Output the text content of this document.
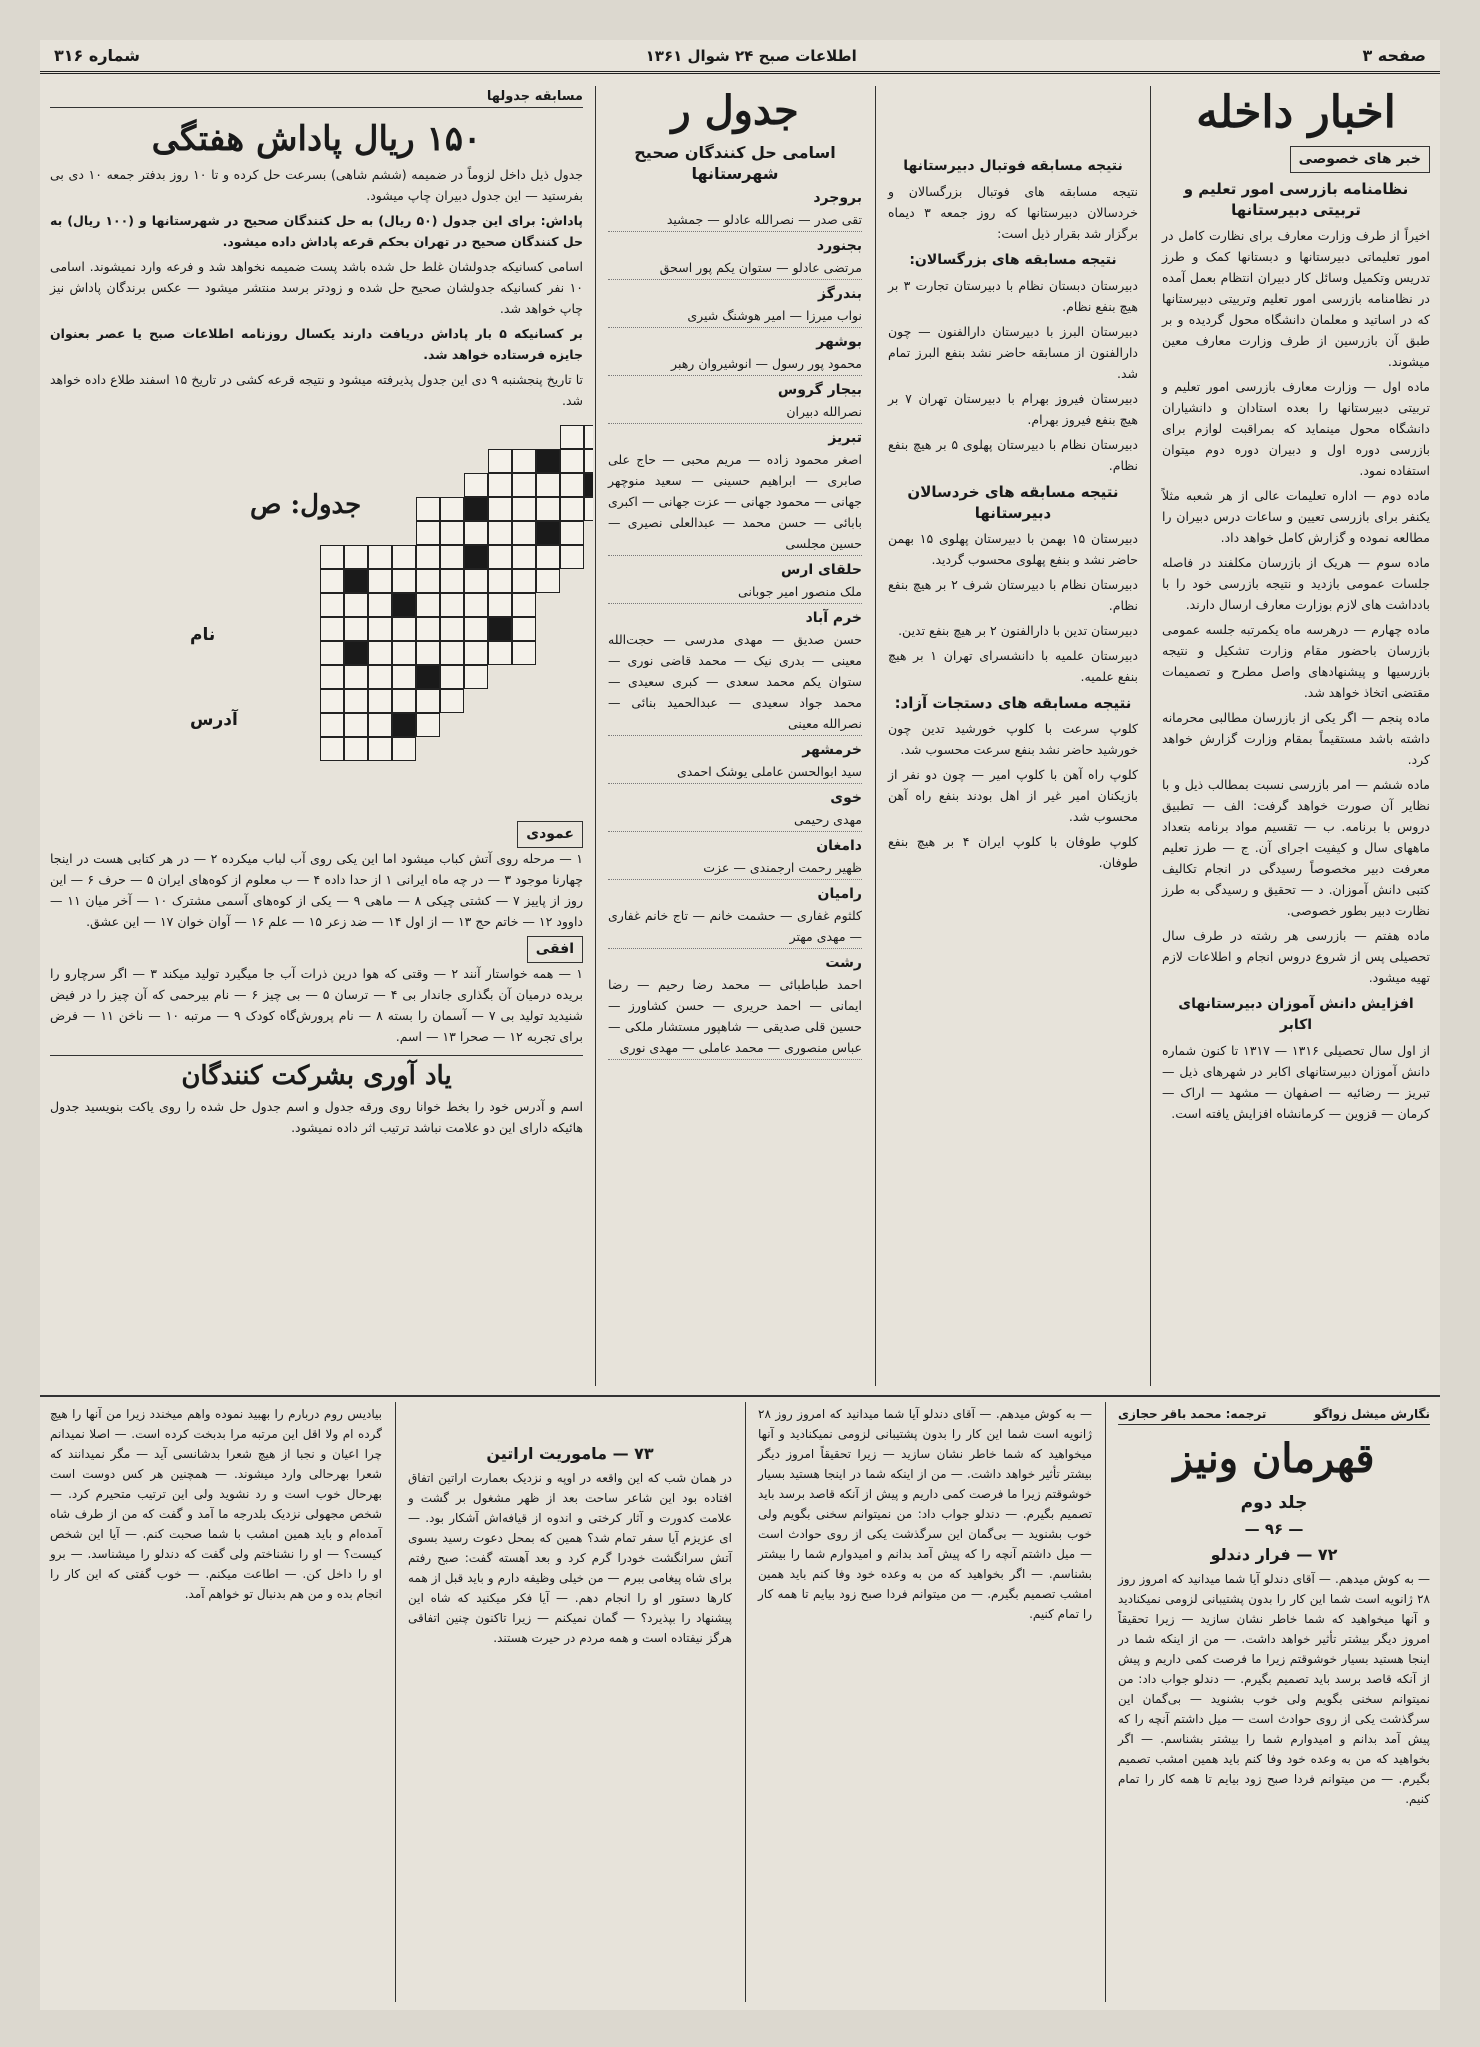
صفحه ۳
اطلاعات صبح ۲۴ شوال ۱۳۶۱
شماره ۳۱۶
اخبار داخله
خبر های خصوصی
نظامنامه بازرسی امور تعلیم و تربیتی دبیرستانها

اخیراً از طرف وزارت معارف برای نظارت کامل در امور تعلیماتی دبیرستانها و دبستانها کمک و طرز تدریس وتکمیل وسائل کار دبیران انتظام بعمل آمده در نظامنامه بازرسی امور تعلیم وتربیتی دبیرستانها که در اساتید و معلمان دانشگاه محول گردیده و بر طبق آن بازرسین از طرف وزارت معارف معین میشوند.

ماده اول — وزارت معارف بازرسی امور تعلیم و تربیتی دبیرستانها را بعده استادان و دانشیاران دانشگاه محول مینماید که بمراقبت لوازم برای بازرسی دوره اول و دبیران دوره دوم میتوان استفاده نمود.

ماده دوم — اداره تعلیمات عالی از هر شعبه مثلاً یکنفر برای بازرسی تعیین و ساعات درس دبیران را مطالعه نموده و گزارش کامل خواهد داد.

ماده سوم — هریک از بازرسان مکلفند در فاصله جلسات عمومی بازدید و نتیجه بازرسی خود را با بادداشت های لازم بوزارت معارف ارسال دارند.

ماده چهارم — درهرسه ماه یکمرتبه جلسه عمومی بازرسان باحضور مقام وزارت تشکیل و نتیجه بازرسیها و پیشنهادهای واصل مطرح و تصمیمات مقتضی اتخاذ خواهد شد.

ماده پنجم — اگر یکی از بازرسان مطالبی محرمانه داشته باشد مستقیماً بمقام وزارت گزارش خواهد کرد.

ماده ششم — امر بازرسی نسبت بمطالب ذیل و با نظایر آن صورت خواهد گرفت: الف — تطبیق دروس با برنامه. ب — تقسیم مواد برنامه بتعداد ماههای سال و کیفیت اجرای آن. ج — طرز تعلیم معرفت دبیر مخصوصاً رسیدگی در انجام تکالیف کتبی دانش آموزان. د — تحقیق و رسیدگی به طرز نظارت دبیر بطور خصوصی.

ماده هفتم — بازرسی هر رشته در طرف سال تحصیلی پس از شروع دروس انجام و اطلاعات لازم تهیه میشود.

افزایش دانش آموزان دبیرستانهای اکابر

از اول سال تحصیلی ۱۳۱۶ — ۱۳۱۷ تا کنون شماره دانش آموزان دبیرستانهای اکابر در شهرهای ذیل — تبریز — رضائیه — اصفهان — مشهد — اراک — کرمان — قزوین — کرمانشاه افزایش یافته است.

نتیجه مسابقه فوتبال دبیرستانها

نتیجه مسابقه های فوتبال بزرگسالان و خردسالان دبیرستانها که روز جمعه ۳ دیماه برگزار شد بقرار ذیل است:

نتیجه مسابقه های بزرگسالان:

دبیرستان دبستان نظام با دبیرستان تجارت ۳ بر هیچ بنفع نظام.

دبیرستان البرز با دبیرستان دارالفنون — چون دارالفنون از مسابقه حاضر نشد بنفع البرز تمام شد.

دبیرستان فیروز بهرام با دبیرستان تهران ۷ بر هیچ بنفع فیروز بهرام.

دبیرستان نظام با دبیرستان پهلوی ۵ بر هیچ بنفع نظام.

نتیجه مسابقه های خردسالان دبیرستانها

دبیرستان ۱۵ بهمن با دبیرستان پهلوی ۱۵ بهمن حاضر نشد و بنفع پهلوی محسوب گردید.

دبیرستان نظام با دبیرستان شرف ۲ بر هیچ بنفع نظام.

دبیرستان تدین با دارالفنون ۲ بر هیچ بنفع تدین.

دبیرستان علمیه با دانشسرای تهران ۱ بر هیچ بنفع علمیه.

نتیجه مسابقه های دستجات آزاد:

کلوپ سرعت با کلوپ خورشید تدین چون خورشید حاضر نشد بنفع سرعت محسوب شد.

کلوپ راه آهن با کلوپ امیر — چون دو نفر از بازیکنان امیر غیر از اهل بودند بنفع راه آهن محسوب شد.

کلوپ طوفان با کلوپ ایران ۴ بر هیچ بنفع طوفان.

جدول ر
اسامی حل کنندگان صحیح شهرستانها
بروجرد

تقی صدر — نصرالله عادلو — جمشید

بجنورد

مرتضی عادلو — ستوان یکم پور اسحق

بندرگز

نواب میرزا — امیر هوشنگ شیری

بوشهر

محمود پور رسول — انوشیروان رهبر

بیجار گروس

نصرالله دبیران

تبریز

اصغر محمود زاده — مریم محبی — حاج علی صابری — ابراهیم حسینی — سعید منوچهر جهانی — محمود جهانی — عزت جهانی — اکبری بابائی — حسن محمد — عبدالعلی نصیری — حسین مجلسی

حلقای ارس

ملک منصور امیر جوبانی

خرم آباد

حسن صدیق — مهدی مدرسی — حجت‌الله معینی — بدری نیک — محمد قاضی نوری — ستوان یکم محمد سعدی — کبری سعیدی — محمد جواد سعیدی — عبدالحمید بنائی — نصرالله معینی

خرمشهر

سید ابوالحسن عاملی یوشک احمدی

خوی

مهدی رحیمی

دامغان

ظهیر رحمت ارجمندی — عزت

رامیان

کلثوم غفاری — حشمت خانم — تاج خانم غفاری — مهدی مهتر

رشت

احمد طباطبائی — محمد رضا رحیم — رضا ایمانی — احمد حریری — حسن کشاورز — حسین قلی صدیقی — شاهپور مستشار ملکی — عباس منصوری — محمد عاملی — مهدی نوری

مسابقه جدولها
۱۵۰ ریال پاداش هفتگی

جدول ذیل داخل لزوماً در ضمیمه (ششم شاهی) بسرعت حل کرده و تا ۱۰ روز بدفتر جمعه ۱۰ دی بی بفرستید — این جدول دبیران چاپ میشود.

پاداش: برای این جدول (۵۰ ریال) به حل کنندگان صحیح در شهرستانها و (۱۰۰ ریال) به حل کنندگان صحیح در تهران بحکم قرعه پاداش داده میشود.

اسامی کسانیکه جدولشان غلط حل شده باشد پست ضمیمه نخواهد شد و فرعه وارد نمیشوند. اسامی ۱۰ نفر کسانیکه جدولشان صحیح حل شده و زودتر برسد منتشر میشود — عکس برندگان پاداش نیز چاپ خواهد شد.

بر کسانیکه ۵ بار پاداش دریافت دارند یکسال روزنامه اطلاعات صبح یا عصر بعنوان جایزه فرستاده خواهد شد.

تا تاریخ پنجشنبه ۹ دی این جدول پذیرفته میشود و نتیجه قرعه کشی در تاریخ ۱۵ اسفند طلاع داده خواهد شد.

جدول: ص
نام
آدرس
عمودی

۱ — مرحله روی آتش کباب میشود اما این یکی روی آب لباب میکرده ۲ — در هر کتابی هست در اینجا چهارنا موجود ۳ — در چه ماه ایرانی ۱ از حدا داده ۴ — ب معلوم از کوه‌های ایران ۵ — حرف ۶ — این روز از پاییز ۷ — کشتی چیکی ۸ — ماهی ۹ — یکی از کوه‌های آسمی مشترک ۱۰ — آخر میان ۱۱ — داوود ۱۲ — خاتم حج ۱۳ — از اول ۱۴ — ضد زعر ۱۵ — علم ۱۶ — آوان خوان ۱۷ — این عشق.

افقی

۱ — همه خواستار آنند ۲ — وقتی که هوا درین ذرات آب جا میگیرد تولید میکند ۳ — اگر سرچارو را بریده درمیان آن بگذاری جاندار بی ۴ — ترسان ۵ — بی چیز ۶ — نام بیرحمی که آن چیز را در فیض شنیدید تولید بی ۷ — آسمان را بسته ۸ — نام پرورش‌گاه کودک ۹ — مرتبه ۱۰ — ناخن ۱۱ — فرض برای تجربه ۱۲ — صحرا ۱۳ — اسم.

یاد آوری بشرکت کنندگان

اسم و آدرس خود را بخط خوانا روی ورقه جدول و اسم جدول حل شده را روی یاکت بنویسید جدول هائیکه دارای این دو علامت نباشد ترتیب اثر داده نمیشود.

نگارش میشل زواگو
ترجمه: محمد باقر حجازی
قهرمان ونیز
جلد دوم
— ۹۶ —
۷۲ — فرار دندلو

— به کوش میدهم. — آقای دندلو آیا شما میدانید که امروز روز ۲۸ ژانویه است شما این کار را بدون پشتیبانی لزومی نمیکنادید و آنها میخواهید که شما خاطر نشان سازید — زیرا تحقیقاً امروز دیگر بیشتر تأثیر خواهد داشت. — من از اینکه شما در اینجا هستید بسیار خوشوقتم زیرا ما فرصت کمی داریم و پیش از آنکه قاصد برسد باید تصمیم بگیرم. — دندلو جواب داد: من نمیتوانم سخنی بگویم ولی خوب بشنوید — بی‌گمان این سرگذشت یکی از روی حوادث است — میل داشتم آنچه را که پیش آمد بدانم و امیدوارم شما را بیشتر بشناسم. — اگر بخواهید که من به وعده خود وفا کنم باید همین امشب تصمیم بگیرم. — من میتوانم فردا صبح زود بیایم تا همه کار را تمام کنیم.

— به کوش میدهم. — آقای دندلو آیا شما میدانید که امروز روز ۲۸ ژانویه است شما این کار را بدون پشتیبانی لزومی نمیکنادید و آنها میخواهید که شما خاطر نشان سازید — زیرا تحقیقاً امروز دیگر بیشتر تأثیر خواهد داشت. — من از اینکه شما در اینجا هستید بسیار خوشوقتم زیرا ما فرصت کمی داریم و پیش از آنکه قاصد برسد باید تصمیم بگیرم. — دندلو جواب داد: من نمیتوانم سخنی بگویم ولی خوب بشنوید — بی‌گمان این سرگذشت یکی از روی حوادث است — میل داشتم آنچه را که پیش آمد بدانم و امیدوارم شما را بیشتر بشناسم. — اگر بخواهید که من به وعده خود وفا کنم باید همین امشب تصمیم بگیرم. — من میتوانم فردا صبح زود بیایم تا همه کار را تمام کنیم.

۷۳ — ماموریت اراتین

در همان شب که این واقعه در اوپه و نزدیک بعمارت اراتین اتفاق افتاده بود این شاعر ساحت بعد از ظهر مشغول بر گشت و علامت کدورت و آثار کرختی و اندوه از قیافه‌اش آشکار بود. — ای عزیزم آیا سفر تمام شد؟ همین که بمحل دعوت رسید بسوی آتش سرانگشت خودرا گرم کرد و بعد آهسته گفت: صبح رفتم برای شاه پیغامی ببرم — من خیلی وظیفه دارم و باید قبل از همه کارها دستور او را انجام دهم. — آیا فکر میکنید که شاه این پیشنهاد را بپذیرد؟ — گمان نمیکنم — زیرا تاکنون چنین اتفاقی هرگز نیفتاده است و همه مردم در حیرت هستند.

بیادیس روم دربارم را بهبید نموده واهم میخندد زیرا من آنها را هیچ گرده ام ولا اقل این مرتبه مرا بدبخت کرده است. — اصلا نمیدانم چرا اعیان و نجبا از هیچ شعرا بدشانسی آید — مگر نمیدانند که شعرا بهرحالی وارد میشوند. — همچنین هر کس دوست است بهرحال خوب است و رد نشوید ولی این ترتیب متحیرم کرد. — شخص مجهولی نزدیک بلدرجه ما آمد و گفت که من از طرف شاه آمده‌ام و باید همین امشب با شما صحبت کنم. — آیا این شخص کیست؟ — او را نشناختم ولی گفت که دندلو را میشناسد. — برو او را داخل کن. — اطاعت میکنم. — خوب گفتی که این کار را انجام بده و من هم بدنبال تو خواهم آمد.
